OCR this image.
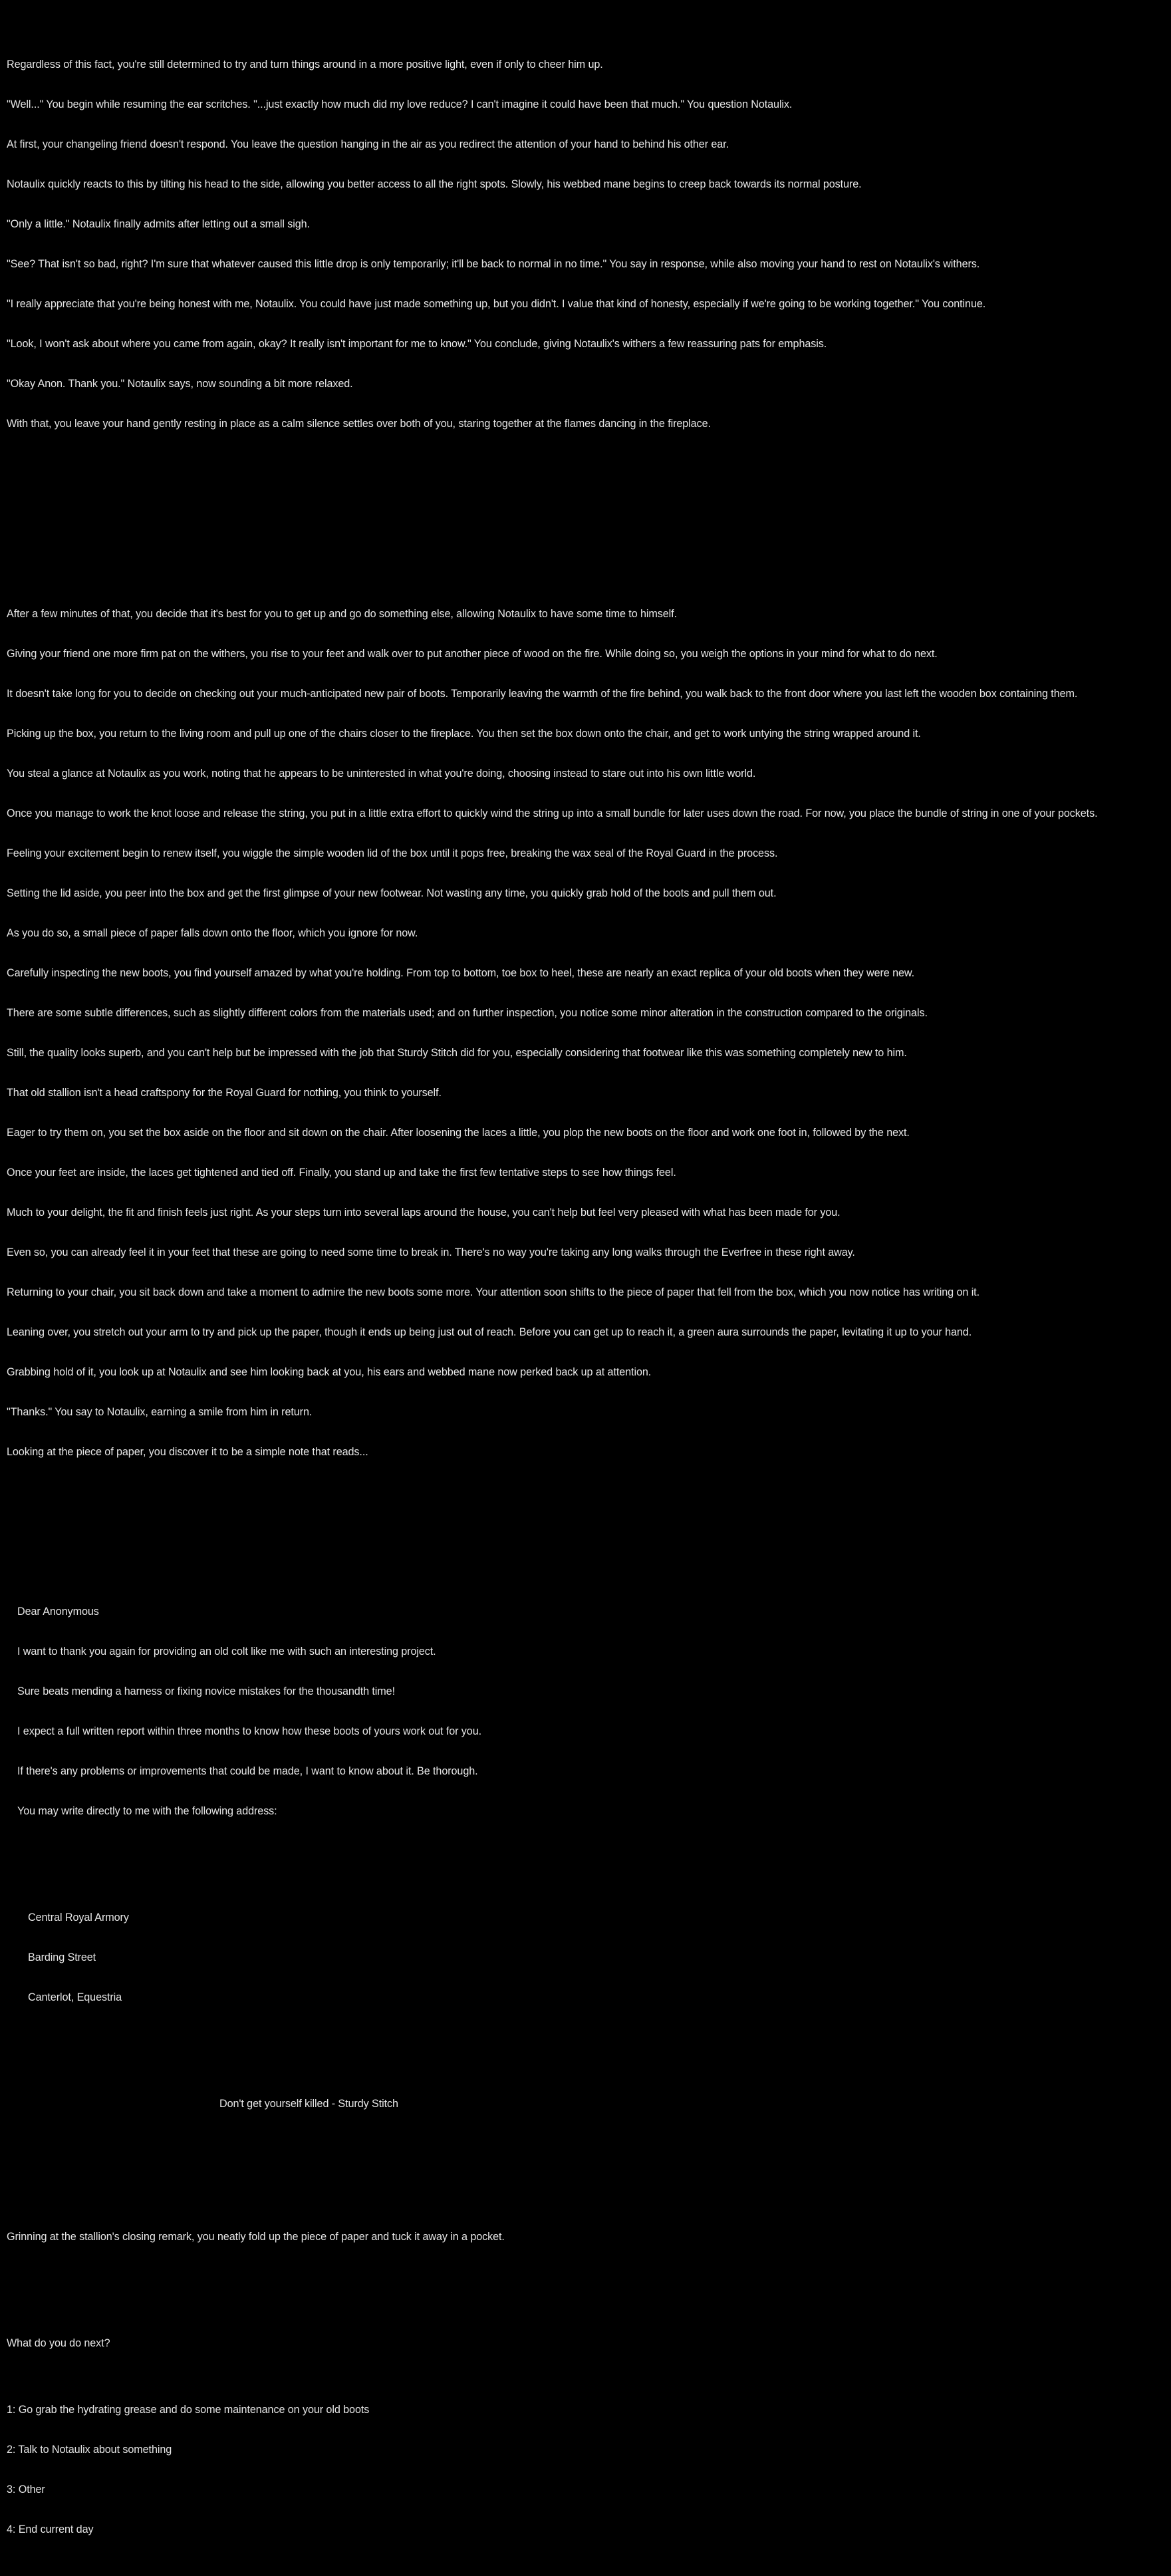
Regardless of this fact, you're still determined to try and turn things around in a more positive light, even if only to cheer him up.

"Well..." You begin while resuming the ear scritches. "...just exactly how much did my love reduce? I can't imagine it could have been that much." You question Notaulix.

At first, your changeling friend doesn't respond. You leave the question hanging in the air as you redirect the attention of your hand to behind his other ear.

Notaulix quickly reacts to this by tilting his head to the side, allowing you better access to all the right spots. Slowly, his webbed mane begins to creep back towards its normal posture.

"Only a little." Notaulix finally admits after letting out a small sigh.

"See? That isn't so bad, right? I'm sure that whatever caused this little drop is only temporarily; it'll be back to normal in no time." You say in response, while also moving your hand to rest on Notaulix's withers.

"I really appreciate that you're being honest with me, Notaulix. You could have just made something up, but you didn't. I value that kind of honesty, especially if we're going to be working together." You continue.

"Look, I won't ask about where you came from again, okay? It really isn't important for me to know." You conclude, giving Notaulix's withers a few reassuring pats for emphasis.

"Okay Anon. Thank you." Notaulix says, now sounding a bit more relaxed.

With that, you leave your hand gently resting in place as a calm silence settles over both of you, staring together at the flames dancing in the fireplace.

After a few minutes of that, you decide that it's best for you to get up and go do something else, allowing Notaulix to have some time to himself.

Giving your friend one more firm pat on the withers, you rise to your feet and walk over to put another piece of wood on the fire. While doing so, you weigh the options in your mind for what to do next.

It doesn't take long for you to decide on checking out your much-anticipated new pair of boots. Temporarily leaving the warmth of the fire behind, you walk back to the front door where you last left the wooden box containing them.

Picking up the box, you return to the living room and pull up one of the chairs closer to the fireplace. You then set the box down onto the chair, and get to work untying the string wrapped around it.

You steal a glance at Notaulix as you work, noting that he appears to be uninterested in what you're doing, choosing instead to stare out into his own little world.

Once you manage to work the knot loose and release the string, you put in a little extra effort to quickly wind the string up into a small bundle for later uses down the road. For now, you place the bundle of string in one of your pockets.

Feeling your excitement begin to renew itself, you wiggle the simple wooden lid of the box until it pops free, breaking the wax seal of the Royal Guard in the process.

Setting the lid aside, you peer into the box and get the first glimpse of your new footwear. Not wasting any time, you quickly grab hold of the boots and pull them out.

As you do so, a small piece of paper falls down onto the floor, which you ignore for now.

Carefully inspecting the new boots, you find yourself amazed by what you're holding. From top to bottom, toe box to heel, these are nearly an exact replica of your old boots when they were new.

There are some subtle differences, such as slightly different colors from the materials used; and on further inspection, you notice some minor alteration in the construction compared to the originals.

Still, the quality looks superb, and you can't help but be impressed with the job that Sturdy Stitch did for you, especially considering that footwear like this was something completely new to him.

That old stallion isn't a head craftspony for the Royal Guard for nothing, you think to yourself.

Eager to try them on, you set the box aside on the floor and sit down on the chair. After loosening the laces a little, you plop the new boots on the floor and work one foot in, followed by the next.

Once your feet are inside, the laces get tightened and tied off. Finally, you stand up and take the first few tentative steps to see how things feel.

Much to your delight, the fit and finish feels just right. As your steps turn into several laps around the house, you can't help but feel very pleased with what has been made for you.

Even so, you can already feel it in your feet that these are going to need some time to break in. There's no way you're taking any long walks through the Everfree in these right away.

Returning to your chair, you sit back down and take a moment to admire the new boots some more. Your attention soon shifts to the piece of paper that fell from the box, which you now notice has writing on it.

Leaning over, you stretch out your arm to try and pick up the paper, though it ends up being just out of reach. Before you can get up to reach it, a green aura surrounds the paper, levitating it up to your hand.

Grabbing hold of it, you look up at Notaulix and see him looking back at you, his ears and webbed mane now perked back up at attention.

"Thanks." You say to Notaulix, earning a smile from him in return.

Looking at the piece of paper, you discover it to be a simple note that reads...

Dear Anonymous

I want to thank you again for providing an old colt like me with such an interesting project.

Sure beats mending a harness or fixing novice mistakes for the thousandth time!

I expect a full written report within three months to know how these boots of yours work out for you.

If there's any problems or improvements that could be made, I want to know about it. Be thorough.

You may write directly to me with the following address:

Central Royal Armory

Barding Street

Canterlot, Equestria

Don't get yourself killed - Sturdy Stitch

Grinning at the stallion's closing remark, you neatly fold up the piece of paper and tuck it away in a pocket.

What do you do next?

1: Go grab the hydrating grease and do some maintenance on your old boots

2: Talk to Notaulix about something

3: Other

4: End current day
